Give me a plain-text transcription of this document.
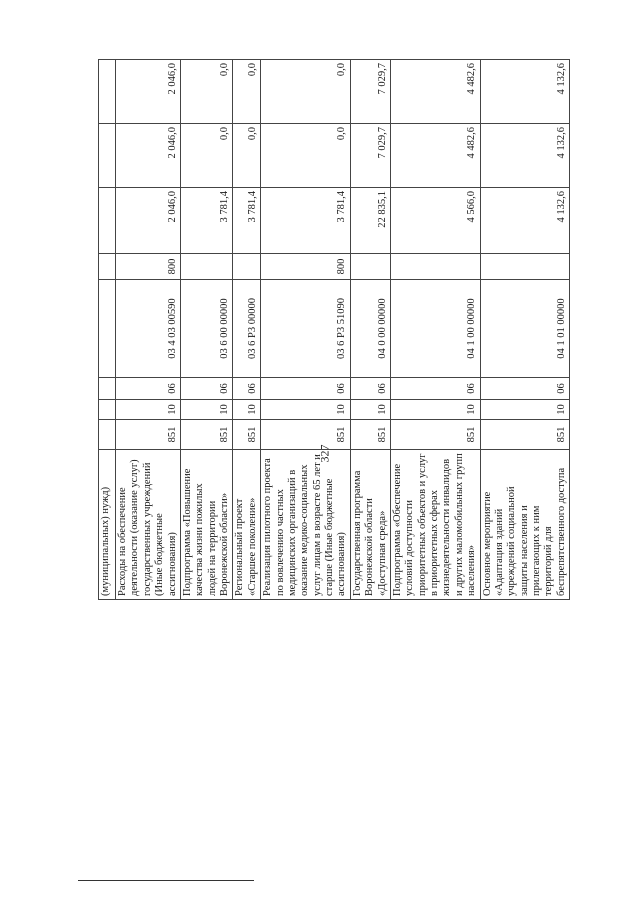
327
(муниципальных) нужд)								
Расходы на обеспечение деятельности (оказание услуг) государственных учреждений (Иные бюджетные ассигнования)	851	10	06	03 4 03 00590	800	2 046,0	2 046,0	2 046,0
Подпрограмма «Повышение качества жизни пожилых людей на территории Воронежской области»	851	10	06	03 6 00 00000		3 781,4	0,0	0,0
Региональный проект «Старшее поколение»	851	10	06	03 6 P3 00000		3 781,4	0,0	0,0
Реализация пилотного проекта по вовлечению частных медицинских организаций в оказание медико-социальных услуг лицам в возрасте 65 лет и старше (Иные бюджетные ассигнования)	851	10	06	03 6 P3 51090	800	3 781,4	0,0	0,0
Государственная программа Воронежской области «Доступная среда»	851	10	06	04 0 00 00000		22 835,1	7 029,7	7 029,7
Подпрограмма «Обеспечение условий доступности приоритетных объектов и услуг в приоритетных сферах жизнедеятельности инвалидов и других маломобильных групп населения»	851	10	06	04 1 00 00000		4 566,0	4 482,6	4 482,6
Основное мероприятие «Адаптация зданий учреждений социальной защиты населения и прилегающих к ним территорий для беспрепятственного доступа	851	10	06	04 1 01 00000		4 132,6	4 132,6	4 132,6
